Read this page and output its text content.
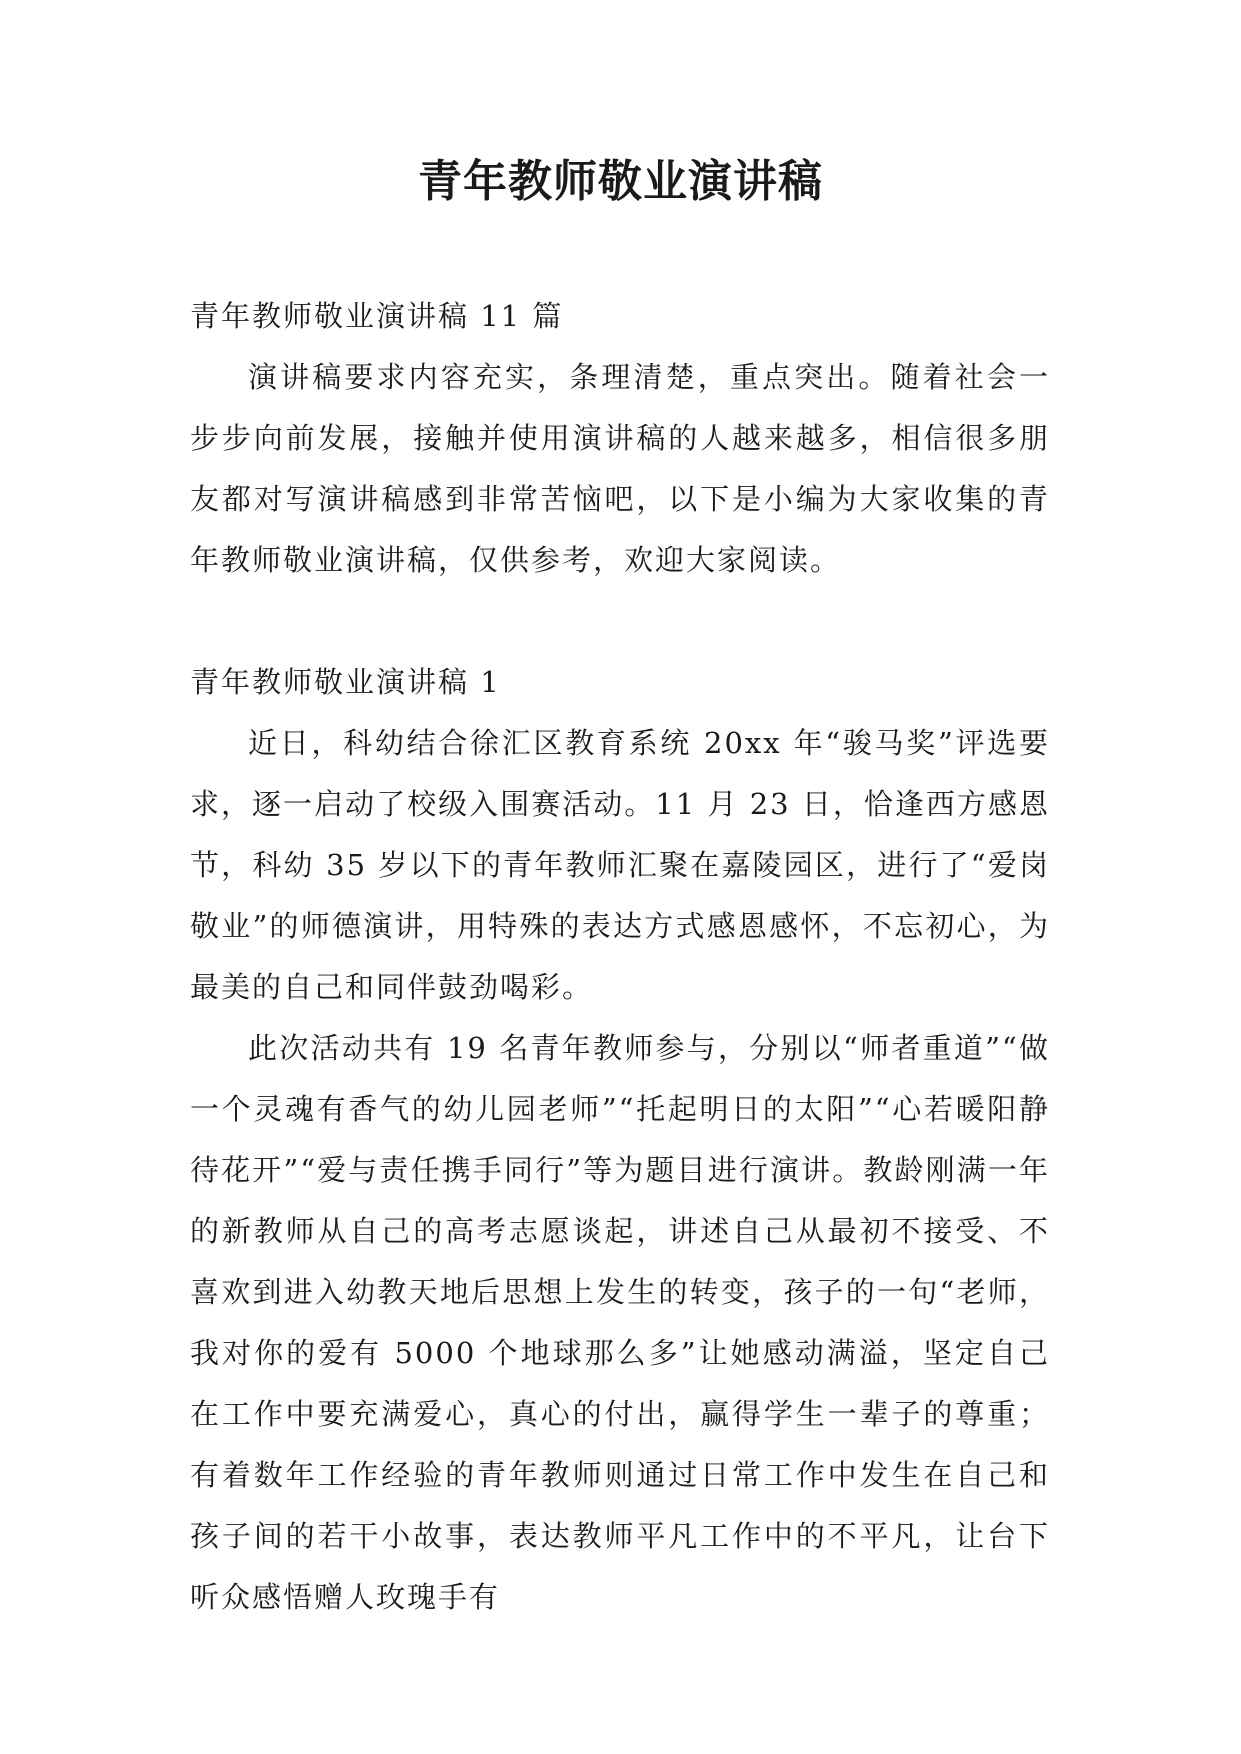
青年教师敬业演讲稿
青年教师敬业演讲稿 11 篇

演讲稿要求内容充实，条理清楚，重点突出。随着社会一步步向前发展，接触并使用演讲稿的人越来越多，相信很多朋友都对写演讲稿感到非常苦恼吧，以下是小编为大家收集的青年教师敬业演讲稿，仅供参考，欢迎大家阅读。

青年教师敬业演讲稿 1

近日，科幼结合徐汇区教育系统 20xx 年“骏马奖”评选要求，逐一启动了校级入围赛活动。11 月 23 日，恰逢西方感恩节，科幼 35 岁以下的青年教师汇聚在嘉陵园区，进行了“爱岗敬业”的师德演讲，用特殊的表达方式感恩感怀，不忘初心，为最美的自己和同伴鼓劲喝彩。

此次活动共有 19 名青年教师参与，分别以“师者重道”“做一个灵魂有香气的幼儿园老师”“托起明日的太阳”“心若暖阳静待花开”“爱与责任携手同行”等为题目进行演讲。教龄刚满一年的新教师从自己的高考志愿谈起，讲述自己从最初不接受、不喜欢到进入幼教天地后思想上发生的转变，孩子的一句“老师，我对你的爱有 5000 个地球那么多”让她感动满溢，坚定自己在工作中要充满爱心，真心的付出，赢得学生一辈子的尊重；有着数年工作经验的青年教师则通过日常工作中发生在自己和孩子间的若干小故事，表达教师平凡工作中的不平凡，让台下听众感悟赠人玫瑰手有
